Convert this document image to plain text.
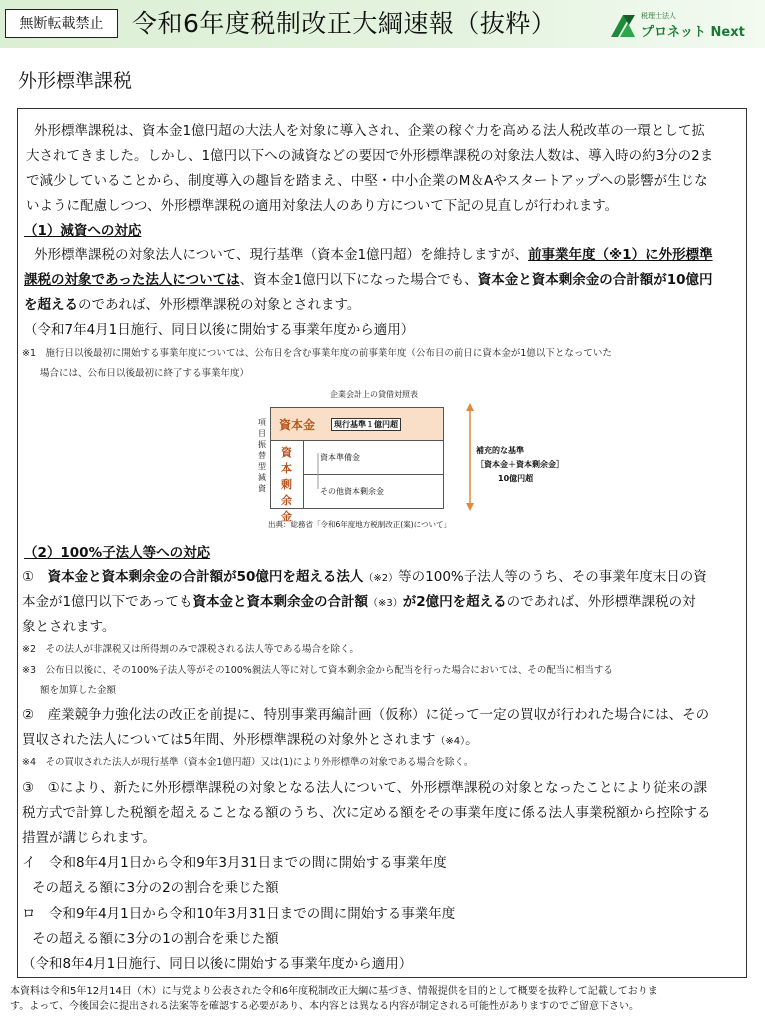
無断転載禁止	令和6年度税制改正大綱速報（抜粋）	税理士法人
プロネット Next
外形標準課税
外形標準課税は、資本金1億円超の大法人を対象に導入され、企業の稼ぐ力を高める法人税改革の一環として拡
大されてきました。しかし、1億円以下への減資などの要因で外形標準課税の対象法人数は、導入時の約3分の2ま
で減少していることから、制度導入の趣旨を踏まえ、中堅・中小企業のM＆Aやスタートアップへの影響が生じな
いように配慮しつつ、外形標準課税の適用対象法人のあり方について下記の見直しが行われます。
（1）減資への対応
外形標準課税の対象法人について、現行基準（資本金1億円超）を維持しますが、前事業年度（※1）に外形標準
課税の対象であった法人については、資本金1億円以下になった場合でも、資本金と資本剰余金の合計額が10億円
を超えるのであれば、外形標準課税の対象とされます。
（令和7年4月1日施行、同日以後に開始する事業年度から適用）
※1　施行日以後最初に開始する事業年度については、公布日を含む事業年度の前事業年度（公布日の前日に資本金が1億以下となっていた
場合には、公布日以後最初に終了する事業年度）
企業会計上の貸借対照表
項
目
振
替
型
減
資
資本金	現行基準１億円超
資
本
剰
余
金
資本準備金
その他資本剰余金
補充的な基準
［資本金＋資本剰余金］
10億円超
出典：総務省「令和6年度地方税制改正(案)について」
（2）100%子法人等への対応
①　資本金と資本剰余金の合計額が50億円を超える法人（※2）等の100%子法人等のうち、その事業年度末日の資
本金が1億円以下であっても資本金と資本剰余金の合計額（※3）が2億円を超えるのであれば、外形標準課税の対
象とされます。
※2　その法人が非課税又は所得割のみで課税される法人等である場合を除く。
※3　公布日以後に、その100%子法人等がその100%親法人等に対して資本剰余金から配当を行った場合においては、その配当に相当する
額を加算した金額
②　産業競争力強化法の改正を前提に、特別事業再編計画（仮称）に従って一定の買収が行われた場合には、その
買収された法人については5年間、外形標準課税の対象外とされます（※4）。
※4　その買収された法人が現行基準（資本金1億円超）又は(1)により外形標準の対象である場合を除く。
③　①により、新たに外形標準課税の対象となる法人について、外形標準課税の対象となったことにより従来の課
税方式で計算した税額を超えることなる額のうち、次に定める額をその事業年度に係る法人事業税額から控除する
措置が講じられます。
イ　令和8年4月1日から令和9年3月31日までの間に開始する事業年度
その超える額に3分の2の割合を乗じた額
ロ　令和9年4月1日から令和10年3月31日までの間に開始する事業年度
その超える額に3分の1の割合を乗じた額
（令和8年4月1日施行、同日以後に開始する事業年度から適用）
本資料は令和5年12月14日（木）に与党より公表された令和6年度税制改正大綱に基づき、情報提供を目的として概要を抜粋して記載しておりま
す。よって、今後国会に提出される法案等を確認する必要があり、本内容とは異なる内容が制定される可能性がありますのでご留意下さい。
